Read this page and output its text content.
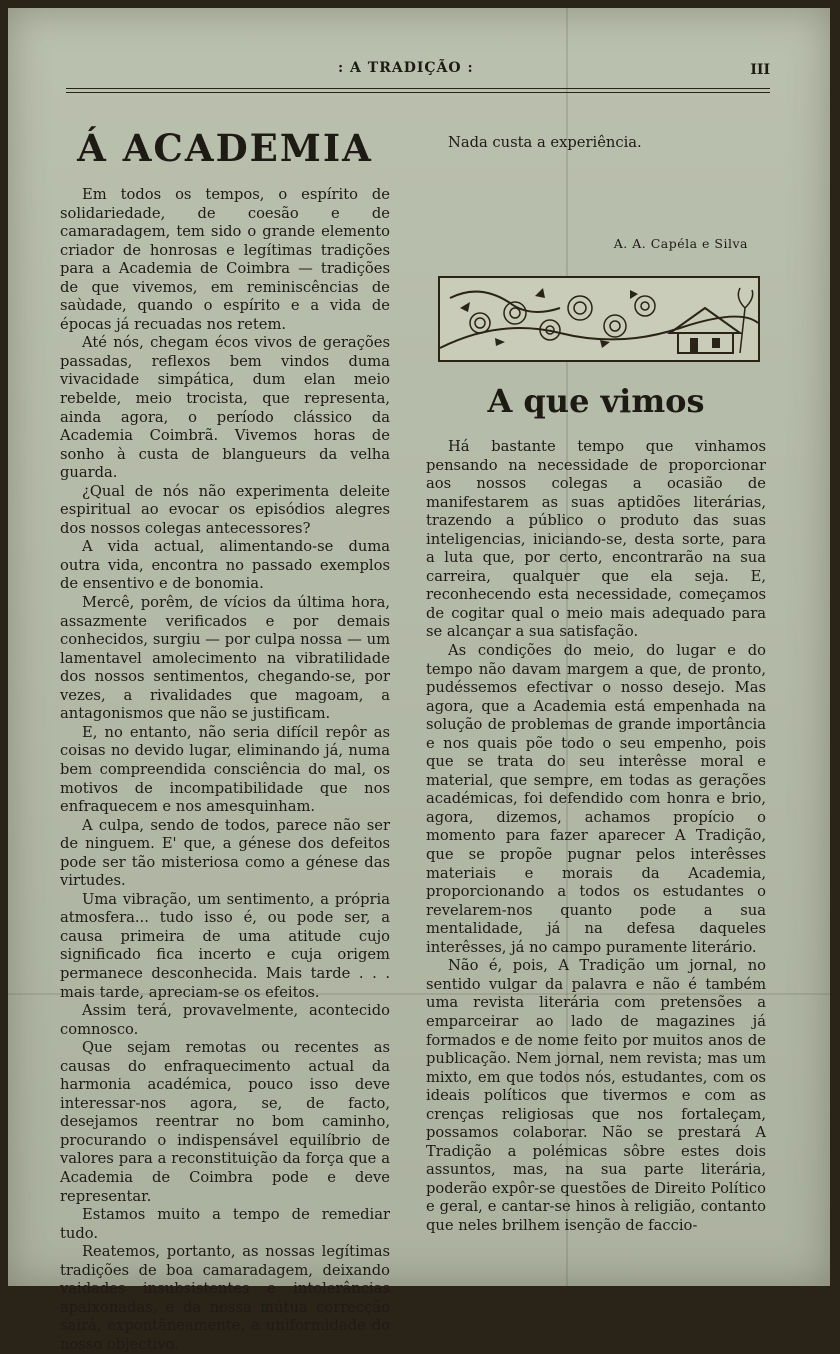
: A TRADIÇÃO :	III
Á ACADEMIA

Em todos os tempos, o espírito de solidariedade, de coesão e de camaradagem, tem sido o grande elemento criador de honrosas e legítimas tradições para a Academia de Coimbra — tradições de que vivemos, em reminiscências de saùdade, quando o espírito e a vida de épocas já recuadas nos retem.

Até nós, chegam écos vivos de gerações passadas, reflexos bem vindos duma vivacidade simpática, dum elan meio rebelde, meio trocista, que representa, ainda agora, o período clássico da Academia Coimbrã. Vivemos horas de sonho à custa de blangueurs da velha guarda.

¿Qual de nós não experimenta deleite espiritual ao evocar os episódios alegres dos nossos colegas antecessores?

A vida actual, alimentando-se duma outra vida, encontra no passado exemplos de ensentivo e de bonomia.

Mercê, porêm, de vícios da última hora, assazmente verificados e por demais conhecidos, surgiu — por culpa nossa — um lamentavel amolecimento na vibratilidade dos nossos sentimentos, chegando-se, por vezes, a rivalidades que magoam, a antagonismos que não se justificam.

E, no entanto, não seria difícil repôr as coisas no devido lugar, eliminando já, numa bem compreendida consciência do mal, os motivos de incompatibilidade que nos enfraquecem e nos amesquinham.

A culpa, sendo de todos, parece não ser de ninguem. E' que, a génese dos defeitos pode ser tão misteriosa como a génese das virtudes.

Uma vibração, um sentimento, a própria atmosfera... tudo isso é, ou pode ser, a causa primeira de uma atitude cujo significado fica incerto e cuja origem permanece desconhecida. Mais tarde . . . mais tarde, apreciam-se os efeitos.

Assim terá, provavelmente, acontecido comnosco.

Que sejam remotas ou recentes as causas do enfraquecimento actual da harmonia académica, pouco isso deve interessar-nos agora, se, de facto, desejamos reentrar no bom caminho, procurando o indispensável equilíbrio de valores para a reconstituição da força que a Academia de Coimbra pode e deve representar.

Estamos muito a tempo de remediar tudo.

Reatemos, portanto, as nossas legítimas tradições de boa camaradagem, deixando vaidades insubsistentes e intolerâncias apaixonadas, e da nossa mútua correcção sairá, expontâneamente, a uniformidade do nosso objectivo.

Nada custa a experiência.

A. A. Capéla e Silva
A que vimos

Há bastante tempo que vinhamos pensando na necessidade de proporcionar aos nossos colegas a ocasião de manifestarem as suas aptidões literárias, trazendo a público o produto das suas inteligencias, iniciando-se, desta sorte, para a luta que, por certo, encontrarão na sua carreira, qualquer que ela seja. E, reconhecendo esta necessidade, começamos de cogitar qual o meio mais adequado para se alcançar a sua satisfação.

As condições do meio, do lugar e do tempo não davam margem a que, de pronto, pudéssemos efectivar o nosso desejo. Mas agora, que a Academia está empenhada na solução de problemas de grande importância e nos quais põe todo o seu empenho, pois que se trata do seu interêsse moral e material, que sempre, em todas as gerações académicas, foi defendido com honra e brio, agora, dizemos, achamos propício o momento para fazer aparecer A Tradição, que se propõe pugnar pelos interêsses materiais e morais da Academia, proporcionando a todos os estudantes o revelarem-nos quanto pode a sua mentalidade, já na defesa daqueles interêsses, já no campo puramente literário.

Não é, pois, A Tradição um jornal, no sentido vulgar da palavra e não é também uma revista literária com pretensões a emparceirar ao lado de magazines já formados e de nome feito por muitos anos de publicação. Nem jornal, nem revista; mas um mixto, em que todos nós, estudantes, com os ideais políticos que tivermos e com as crenças religiosas que nos fortaleçam, possamos colaborar. Não se prestará A Tradição a polémicas sôbre estes dois assuntos, mas, na sua parte literária, poderão expôr-se questões de Direito Político e geral, e cantar-se hinos à religião, contanto que neles brilhem isenção de faccio-
